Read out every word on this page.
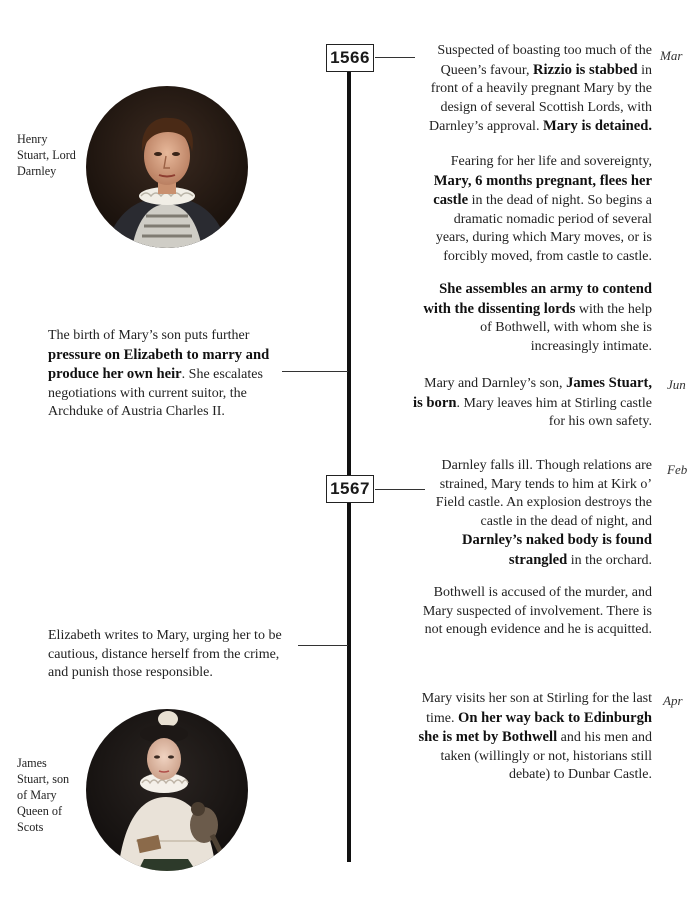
1566
1567
Mar
Jun
Feb
Apr
Suspected of boasting too much of the Queen’s favour, Rizzio is stabbed in front of a heavily pregnant Mary by the design of several Scottish Lords, with Darnley’s approval. Mary is detained.
Fearing for her life and sovereignty, Mary, 6 months pregnant, flees her castle in the dead of night. So begins a dramatic nomadic period of several years, during which Mary moves, or is forcibly moved, from castle to castle.
She assembles an army to contend with the dissenting lords with the help of Bothwell, with whom she is increasingly intimate.
Mary and Darnley’s son, James Stuart, is born. Mary leaves him at Stirling castle for his own safety.
Darnley falls ill. Though relations are strained, Mary tends to him at Kirk o’ Field castle. An explosion destroys the castle in the dead of night, and Darnley’s naked body is found strangled in the orchard.
Bothwell is accused of the murder, and Mary suspected of involvement. There is not enough evidence and he is acquitted.
Mary visits her son at Stirling for the last time. On her way back to Edinburgh she is met by Bothwell and his men and taken (willingly or not, historians still debate) to Dunbar Castle.
The birth of Mary’s son puts further pressure on Elizabeth to marry and produce her own heir. She escalates negotiations with current suitor, the Archduke of Austria Charles II.
Elizabeth writes to Mary, urging her to be cautious, distance herself from the crime, and punish those responsible.
Henry Stuart, Lord Darnley
James Stuart, son of Mary Queen of Scots
